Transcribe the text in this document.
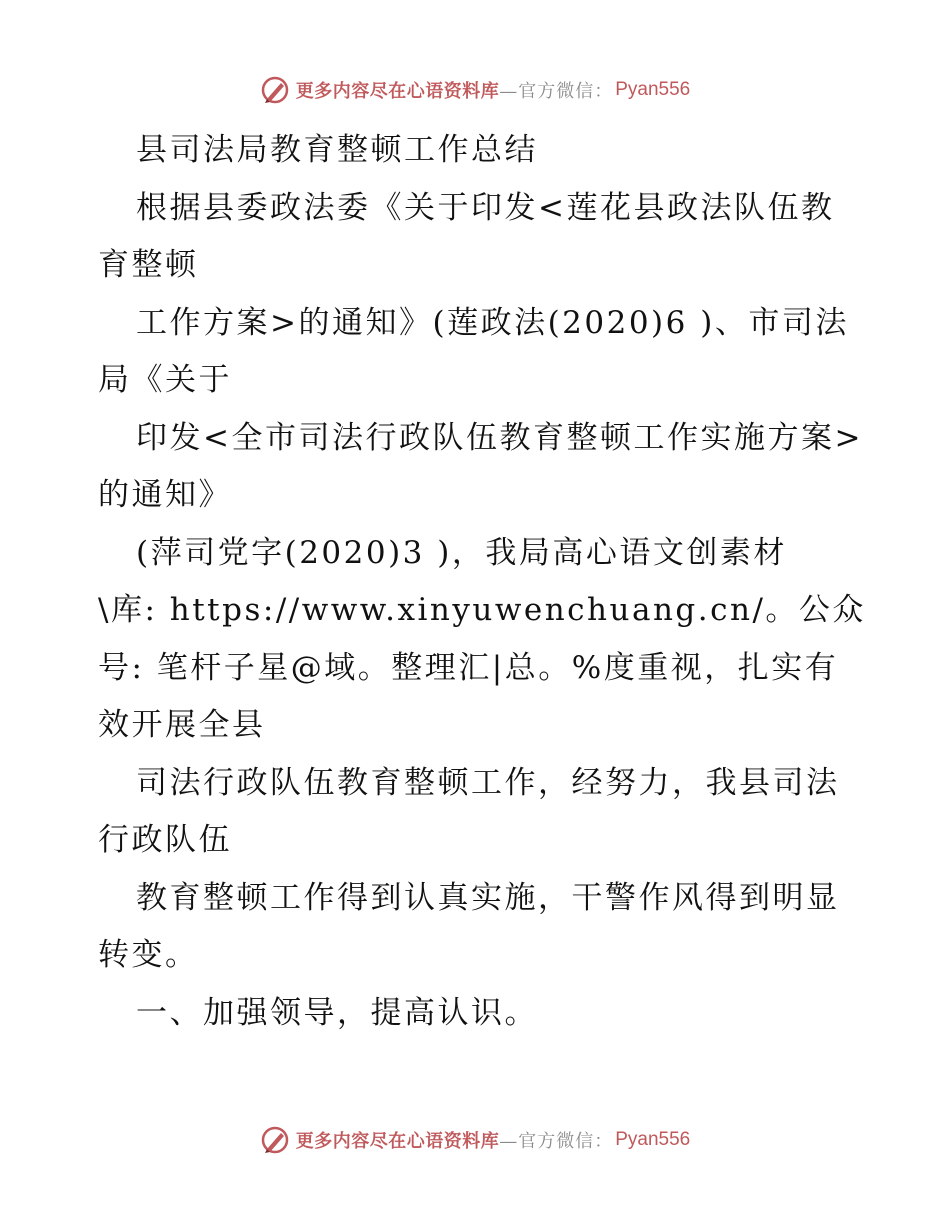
更多内容尽在心语资料库 —官方微信： Pyan556
县司法局教育整顿工作总结
根据县委政法委《关于印发<莲花县政法队伍教
育整顿
工作方案>的通知》(莲政法(2020)6 )、市司法
局《关于
印发<全市司法行政队伍教育整顿工作实施方案>
的通知》
(萍司党字(2020)3 )，我局高心语文创素材
\库: https://www.xinyuwenchuang.cn/。公众
号: 笔杆子星@域。整理汇|总。%度重视，扎实有
效开展全县
司法行政队伍教育整顿工作，经努力，我县司法
行政队伍
教育整顿工作得到认真实施，干警作风得到明显
转变。
一、加强领导，提高认识。
更多内容尽在心语资料库 —官方微信： Pyan556
